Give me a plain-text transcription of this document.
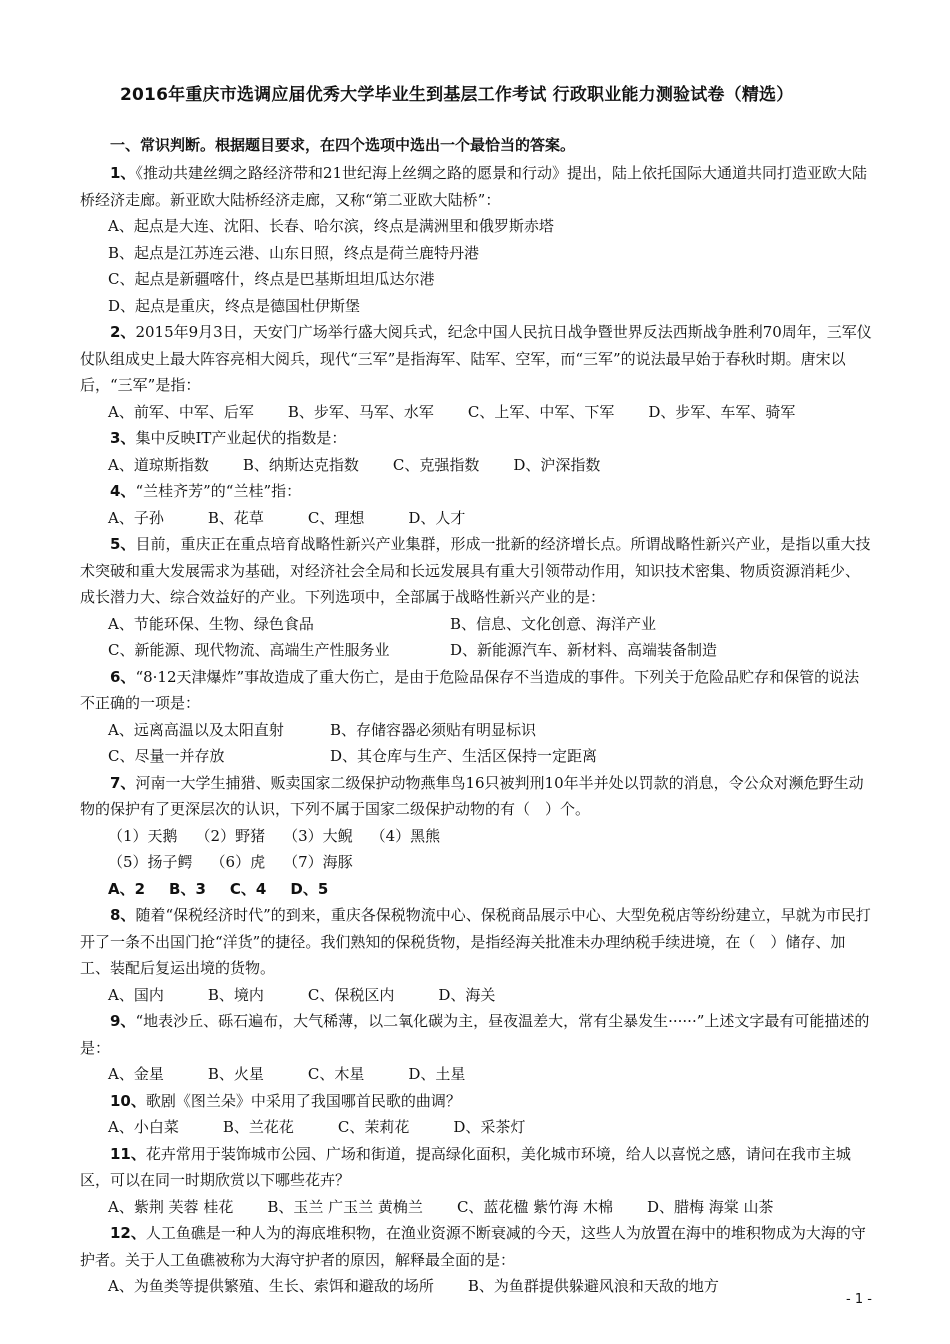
2016年重庆市选调应届优秀大学毕业生到基层工作考试 行政职业能力测验试卷（精选）
一、常识判断。根据题目要求，在四个选项中选出一个最恰当的答案。

1、《推动共建丝绸之路经济带和21世纪海上丝绸之路的愿景和行动》提出，陆上依托国际大通道共同打造亚欧大陆桥经济走廊。新亚欧大陆桥经济走廊，又称“第二亚欧大陆桥”：

A、起点是大连、沈阳、长春、哈尔滨，终点是满洲里和俄罗斯赤塔
B、起点是江苏连云港、山东日照，终点是荷兰鹿特丹港
C、起点是新疆喀什，终点是巴基斯坦坦瓜达尔港
D、起点是重庆，终点是德国杜伊斯堡

2、2015年9月3日，天安门广场举行盛大阅兵式，纪念中国人民抗日战争暨世界反法西斯战争胜利70周年，三军仪仗队组成史上最大阵容亮相大阅兵，现代“三军”是指海军、陆军、空军，而“三军”的说法最早始于春秋时期。唐宋以后，“三军”是指：

A、前军、中军、后军 B、步军、马军、水军 C、上军、中军、下军 D、步军、车军、骑军

3、集中反映IT产业起伏的指数是：

A、道琼斯指数 B、纳斯达克指数 C、克强指数 D、沪深指数

4、“兰桂齐芳”的“兰桂”指：

A、子孙	B、花草	C、理想	D、人才

5、目前，重庆正在重点培育战略性新兴产业集群，形成一批新的经济增长点。所谓战略性新兴产业，是指以重大技术突破和重大发展需求为基础，对经济社会全局和长远发展具有重大引领带动作用，知识技术密集、物质资源消耗少、成长潜力大、综合效益好的产业。下列选项中，全部属于战略性新兴产业的是：

A、节能环保、生物、绿色食品	B、信息、文化创意、海洋产业
C、新能源、现代物流、高端生产性服务业	D、新能源汽车、新材料、高端装备制造

6、“8·12天津爆炸”事故造成了重大伤亡，是由于危险品保存不当造成的事件。下列关于危险品贮存和保管的说法不正确的一项是：

A、远离高温以及太阳直射	B、存储容器必须贴有明显标识
C、尽量一并存放	D、其仓库与生产、生活区保持一定距离

7、河南一大学生捕猎、贩卖国家二级保护动物燕隼鸟16只被判刑10年半并处以罚款的消息，令公众对濒危野生动物的保护有了更深层次的认识，下列不属于国家二级保护动物的有（　）个。

（1）天鹅 （2）野猪 （3）大鲵 （4）黑熊
（5）扬子鳄 （6）虎 （7）海豚
A、2 B、3 C、4 D、5

8、随着“保税经济时代”的到来，重庆各保税物流中心、保税商品展示中心、大型免税店等纷纷建立，早就为市民打开了一条不出国门抢“洋货”的捷径。我们熟知的保税货物，是指经海关批准未办理纳税手续进境，在（　）储存、加工、装配后复运出境的货物。

A、国内	B、境内	C、保税区内	D、海关

9、“地表沙丘、砾石遍布，大气稀薄，以二氧化碳为主，昼夜温差大，常有尘暴发生······”上述文字最有可能描述的是：

A、金星	B、火星	C、木星	D、土星

10、歌剧《图兰朵》中采用了我国哪首民歌的曲调？

A、小白菜	B、兰花花	C、茉莉花	D、采茶灯

11、花卉常用于装饰城市公园、广场和街道，提高绿化面积，美化城市环境，给人以喜悦之感，请问在我市主城区，可以在同一时期欣赏以下哪些花卉？

A、紫荆 芙蓉 桂花 B、玉兰 广玉兰 黄桷兰 C、蓝花楹 紫竹海 木棉 D、腊梅 海棠 山茶

12、人工鱼礁是一种人为的海底堆积物，在渔业资源不断衰减的今天，这些人为放置在海中的堆积物成为大海的守护者。关于人工鱼礁被称为大海守护者的原因，解释最全面的是：

A、为鱼类等提供繁殖、生长、索饵和避敌的场所 B、为鱼群提供躲避风浪和天敌的地方
- 1 -
